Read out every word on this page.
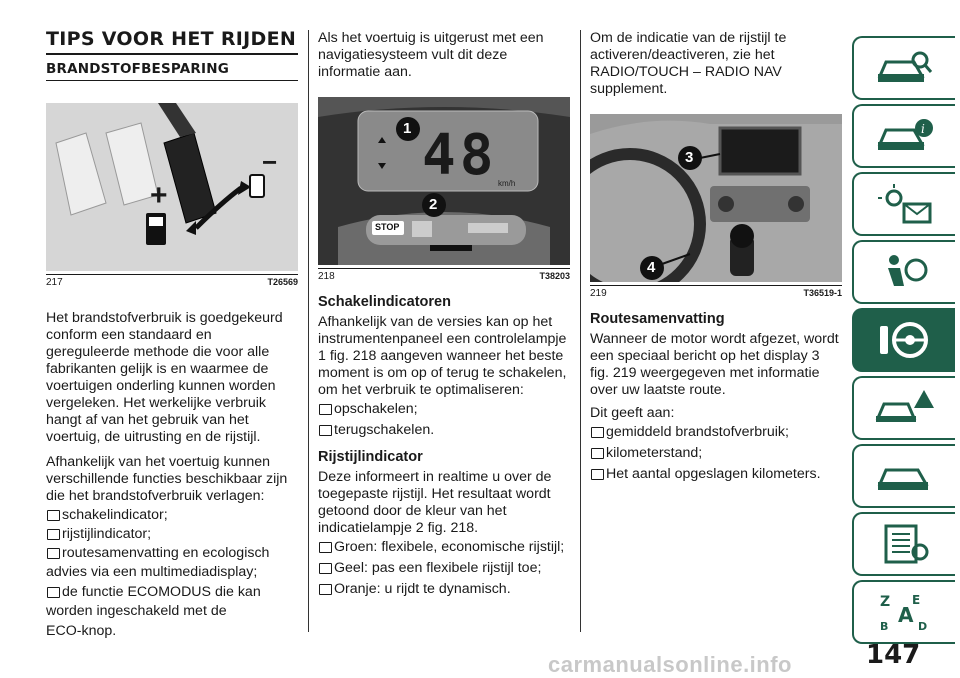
TIPS VOOR HET RIJDEN
BRANDSTOFBESPARING
−
+
217	T26569

Het brandstofverbruik is goedgekeurd conform een standaard en gereguleerde methode die voor alle fabrikanten gelijk is en waarmee de voertuigen onderling kunnen worden vergeleken. Het werkelijke verbruik hangt af van het gebruik van het voertuig, de uitrusting en de rijstijl.

Afhankelijk van het voertuig kunnen verschillende functies beschikbaar zijn die het brandstofverbruik verlagen:

schakelindicator;
rijstijlindicator;
routesamenvatting en ecologisch
advies via een multimediadisplay;
de functie ECOMODUS die kan
worden ingeschakeld met de
ECO-knop.

Als het voertuig is uitgerust met een navigatiesysteem vult dit deze informatie aan.

48 km/h
STOP
1
2
218	T38203
Schakelindicatoren

Afhankelijk van de versies kan op het instrumentenpaneel een controlelampje 1 fig. 218 aangeven wanneer het beste moment is om op of terug te schakelen, om het verbruik te optimaliseren:

opschakelen;
terugschakelen.
Rijstijlindicator

Deze informeert in realtime u over de toegepaste rijstijl. Het resultaat wordt getoond door de kleur van het indicatielampje 2 fig. 218.

Groen: flexibele, economische rijstijl;
Geel: pas een flexibele rijstijl toe;
Oranje: u rijdt te dynamisch.

Om de indicatie van de rijstijl te activeren/deactiveren, zie het RADIO/TOUCH – RADIO NAV supplement.

3
4
219	T36519-1
Routesamenvatting

Wanneer de motor wordt afgezet, wordt een speciaal bericht op het display 3 fig. 219 weergegeven met informatie over uw laatste route.

Dit geeft aan:

gemiddeld brandstofverbruik;
kilometerstand;
Het aantal opgeslagen kilometers.
i
Z E
A
B	D
carmanualsonline.info	147
